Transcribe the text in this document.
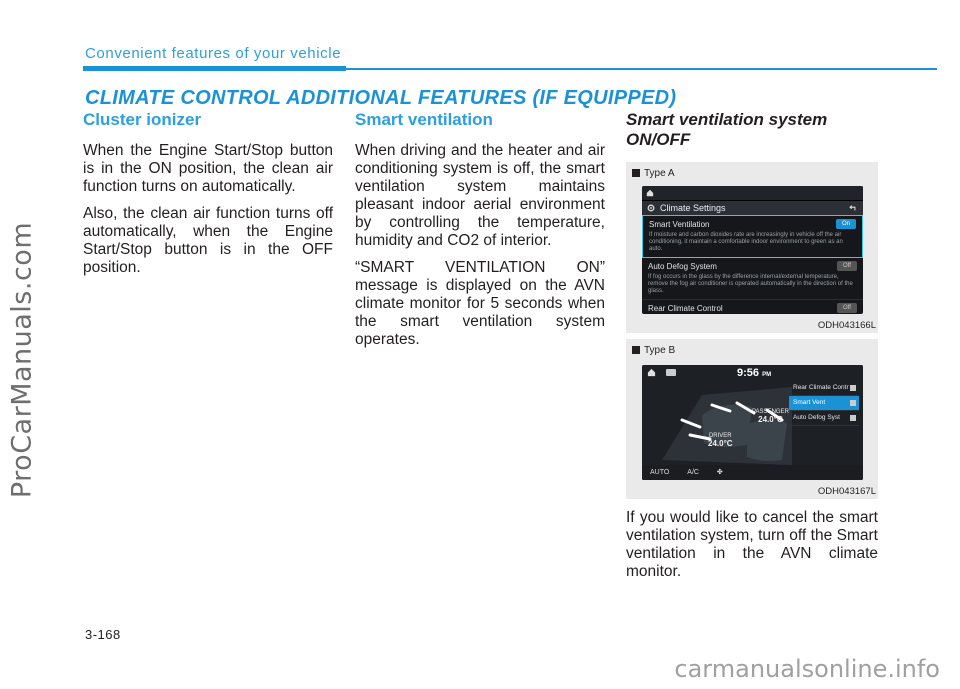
ProCarManuals.com
Convenient features of your vehicle
CLIMATE CONTROL ADDITIONAL FEATURES (IF EQUIPPED)
Cluster ionizer

When the Engine Start/Stop button is in the ON position, the clean air function turns on automatically.

Also, the clean air function turns off automatically, when the Engine Start/Stop button is in the OFF position.

Smart ventilation

When driving and the heater and air conditioning system is off, the smart ventilation system maintains pleasant indoor aerial environment by controlling the temperature, humidity and CO2 of interior.

“SMART VENTILATION ON” message is displayed on the AVN climate monitor for 5 seconds when the smart ventilation system operates.

Smart ventilation system ON/OFF
Type A
Climate Settings
Smart Ventilation
If moisture and carbon dioxides rate are increasingly in vehicle off the air conditioning, it maintain a comfortable indoor environment to green as an auto.
On
Auto Defog System
If fog occurs in the glass by the difference internal/external temperature, remove the fog air conditioner is operated automatically in the direction of the glass.
Off
Rear Climate Control	Off
ODH043166L
Type B
9:56 PM
Rear Climate Contr
Smart Vent
Auto Defog Syst
PASSENGER
24.0°C
DRIVER
24.0°C
AUTO	A/C	✤
ODH043167L
If you would like to cancel the smart ventilation system, turn off the Smart ventilation in the AVN climate monitor.
3-168
carmanualsonline.info
